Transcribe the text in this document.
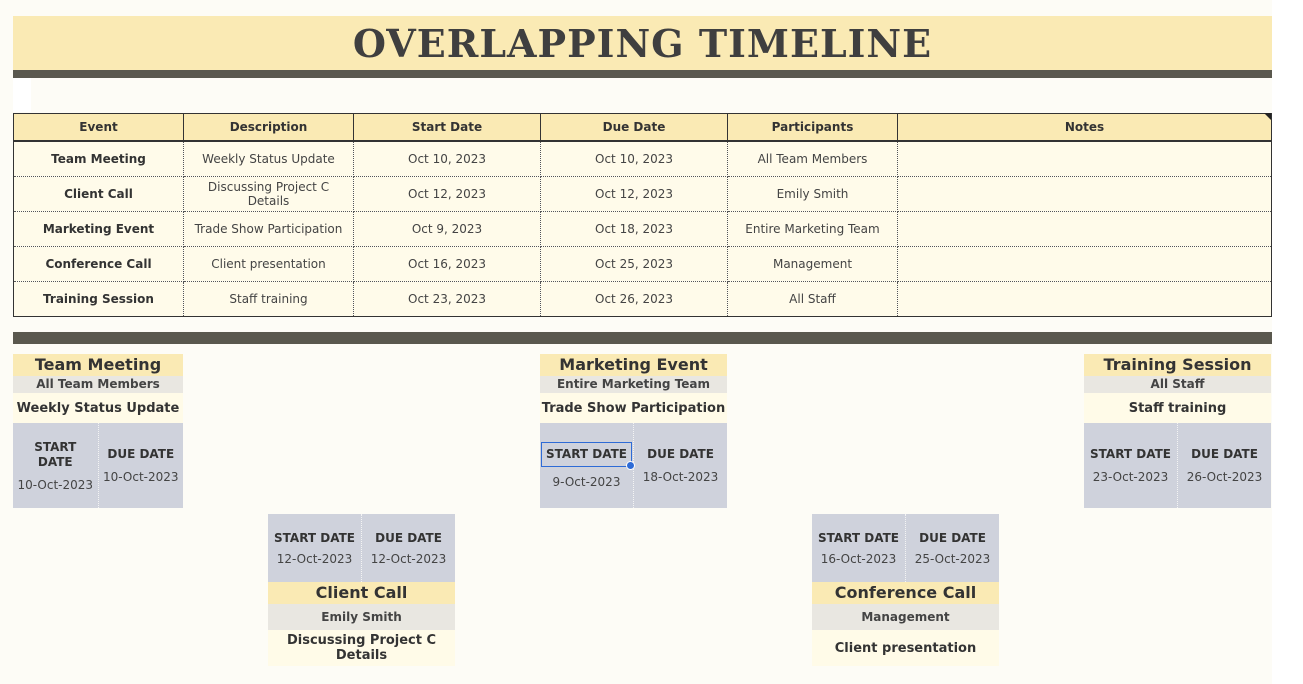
OVERLAPPING TIMELINE
Event	Description	Start Date	Due Date	Participants	Notes
Team Meeting	Weekly Status Update	Oct 10, 2023	Oct 10, 2023	All Team Members	
Client Call	Discussing Project C Details	Oct 12, 2023	Oct 12, 2023	Emily Smith	
Marketing Event	Trade Show Participation	Oct 9, 2023	Oct 18, 2023	Entire Marketing Team	
Conference Call	Client presentation	Oct 16, 2023	Oct 25, 2023	Management	
Training Session	Staff training	Oct 23, 2023	Oct 26, 2023	All Staff	
Team Meeting
All Team Members
Weekly Status Update
START DATE
10-Oct-2023
DUE DATE
10-Oct-2023
Marketing Event
Entire Marketing Team
Trade Show Participation
START DATE
9-Oct-2023
DUE DATE
18-Oct-2023
Training Session
All Staff
Staff training
START DATE
23-Oct-2023
DUE DATE
26-Oct-2023
START DATE
12-Oct-2023
DUE DATE
12-Oct-2023
Client Call
Emily Smith
Discussing Project C Details
START DATE
16-Oct-2023
DUE DATE
25-Oct-2023
Conference Call
Management
Client presentation
